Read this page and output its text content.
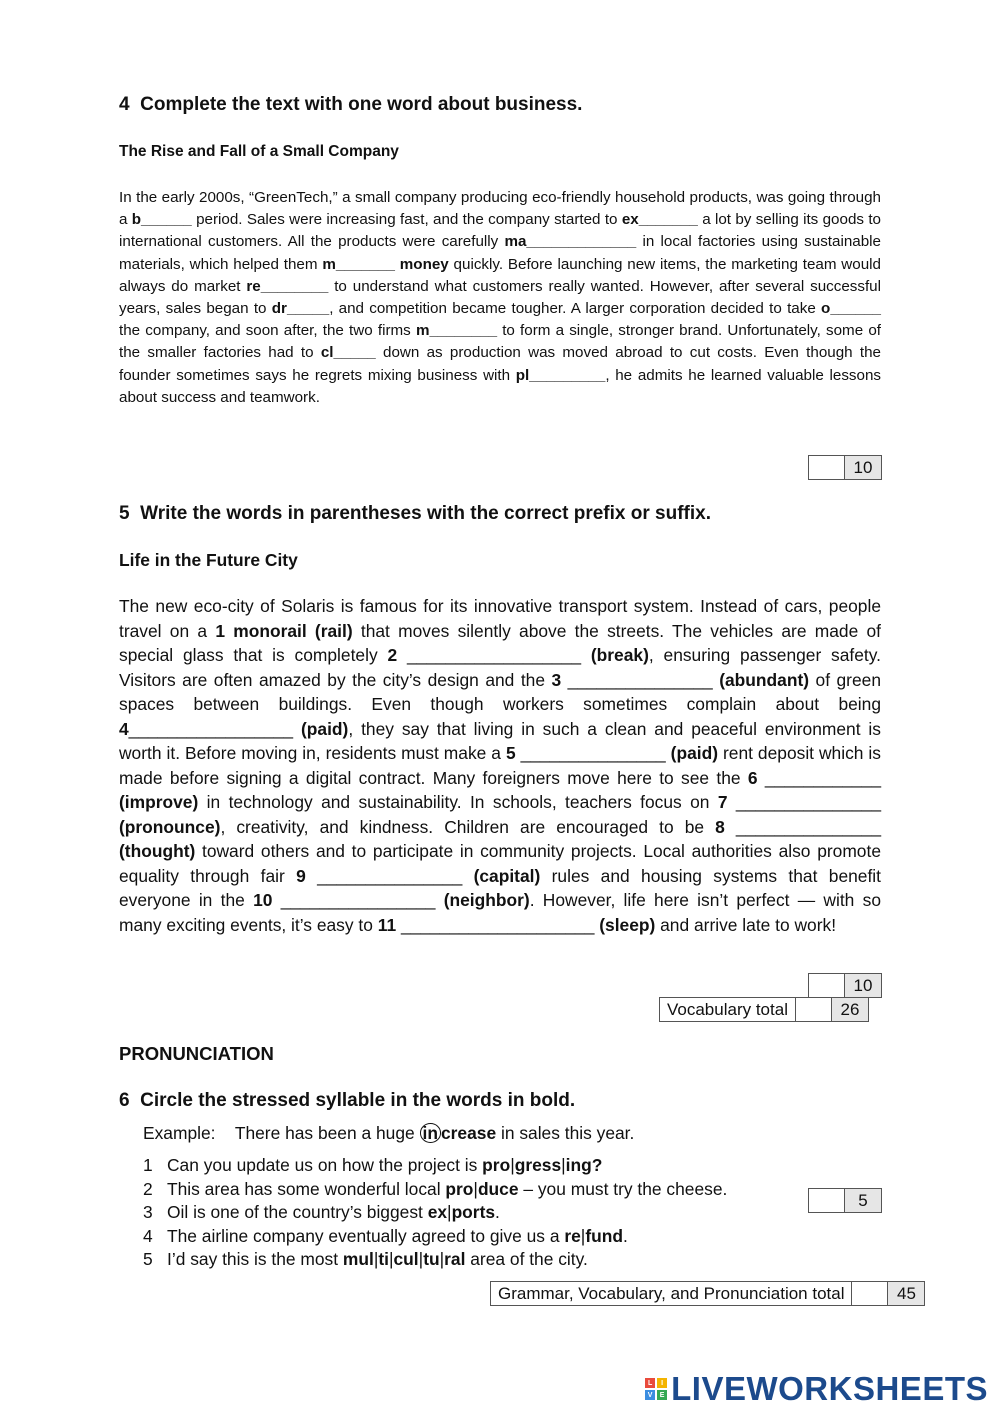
4 Complete the text with one word about business.
The Rise and Fall of a Small Company
In the early 2000s, “GreenTech,” a small company producing eco-friendly household products, was going through a b______ period. Sales were increasing fast, and the company started to ex_______ a lot by selling its goods to international customers. All the products were carefully ma_____________ in local factories using sustainable materials, which helped them m_______ money quickly. Before launching new items, the marketing team would always do market re________ to understand what customers really wanted. However, after several successful years, sales began to dr_____, and competition became tougher. A larger corporation decided to take o______ the company, and soon after, the two firms m________ to form a single, stronger brand. Unfortunately, some of the smaller factories had to cl_____ down as production was moved abroad to cut costs. Even though the founder sometimes says he regrets mixing business with pl_________, he admits he learned valuable lessons about success and teamwork.
10
5 Write the words in parentheses with the correct prefix or suffix.
Life in the Future City
The new eco-city of Solaris is famous for its innovative transport system. Instead of cars, people travel on a 1 monorail (rail) that moves silently above the streets. The vehicles are made of special glass that is completely 2 __________________ (break), ensuring passenger safety. Visitors are often amazed by the city’s design and the 3 _______________ (abundant) of green spaces between buildings. Even though workers sometimes complain about being 4_________________ (paid), they say that living in such a clean and peaceful environment is worth it. Before moving in, residents must make a 5 _______________ (paid) rent deposit which is made before signing a digital contract. Many foreigners move here to see the 6 ____________ (improve) in technology and sustainability. In schools, teachers focus on 7 _______________ (pronounce), creativity, and kindness. Children are encouraged to be 8 _______________ (thought) toward others and to participate in community projects. Local authorities also promote equality through fair 9 _______________ (capital) rules and housing systems that benefit everyone in the 10 ________________ (neighbor). However, life here isn’t perfect — with so many exciting events, it’s easy to 11 ____________________ (sleep) and arrive late to work!
10
Vocabulary total	26
PRONUNCIATION
6 Circle the stressed syllable in the words in bold.
Example: There has been a huge in crease in sales this year.
1 Can you update us on how the project is pro|gress|ing?
2 This area has some wonderful local pro|duce – you must try the cheese.
3 Oil is one of the country’s biggest ex|ports.
4 The airline company eventually agreed to give us a re|fund.
5 I’d say this is the most mul|ti|cul|tu|ral area of the city.
5
Grammar, Vocabulary, and Pronunciation total	45
L	I
V	E LIVEWORKSHEETS
